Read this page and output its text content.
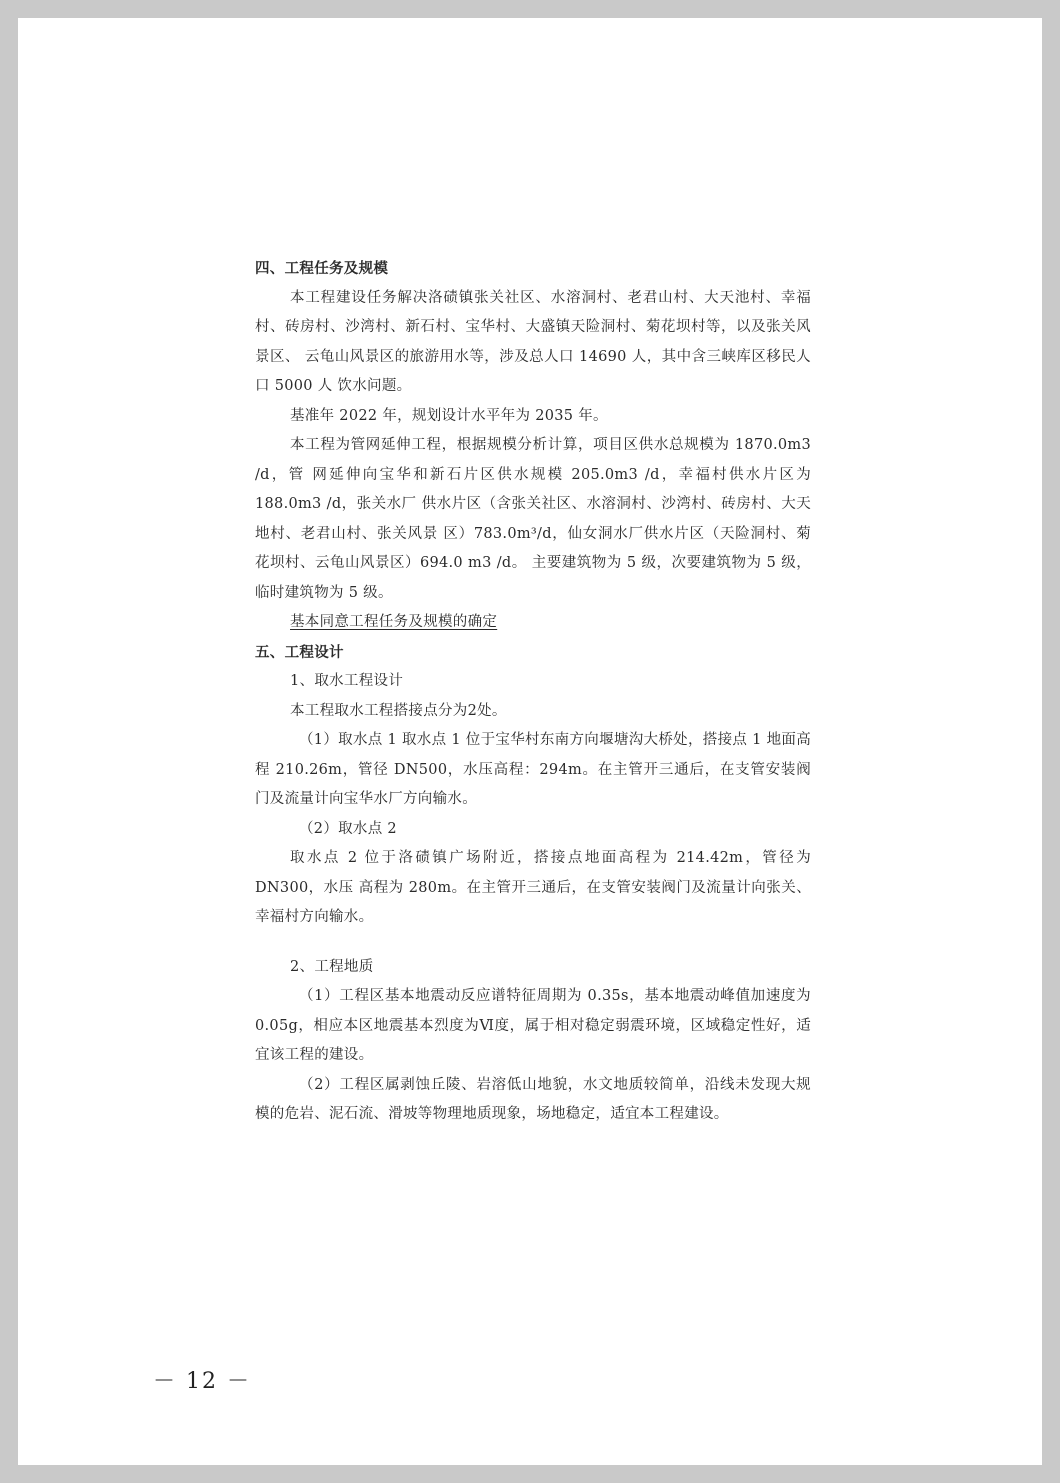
四、工程任务及规模

本工程建设任务解决洛碛镇张关社区、水溶洞村、老君山村、大天池村、幸福村、砖房村、沙湾村、新石村、宝华村、大盛镇天险洞村、菊花坝村等，以及张关风景区、 云龟山风景区的旅游用水等，涉及总人口 14690 人，其中含三峡库区移民人口 5000 人 饮水问题。

基准年 2022 年，规划设计水平年为 2035 年。

本工程为管网延伸工程，根据规模分析计算，项目区供水总规模为 1870.0m3 /d，管 网延伸向宝华和新石片区供水规模 205.0m3 /d，幸福村供水片区为 188.0m3 /d，张关水厂 供水片区（含张关社区、水溶洞村、沙湾村、砖房村、大天地村、老君山村、张关风景 区）783.0m³/d，仙女洞水厂供水片区（天险洞村、菊花坝村、云龟山风景区）694.0 m3 /d。 主要建筑物为 5 级，次要建筑物为 5 级，临时建筑物为 5 级。

基本同意工程任务及规模的确定

五、工程设计

1、取水工程设计

本工程取水工程搭接点分为2处。

（1）取水点 1 取水点 1 位于宝华村东南方向堰塘沟大桥处，搭接点 1 地面高程 210.26m，管径 DN500，水压高程：294m。在主管开三通后，在支管安装阀门及流量计向宝华水厂方向输水。

（2）取水点 2

取水点 2 位于洛碛镇广场附近，搭接点地面高程为 214.42m，管径为 DN300，水压 高程为 280m。在主管开三通后，在支管安装阀门及流量计向张关、幸福村方向输水。

2、工程地质

（1）工程区基本地震动反应谱特征周期为 0.35s，基本地震动峰值加速度为 0.05g，相应本区地震基本烈度为Ⅵ度，属于相对稳定弱震环境，区域稳定性好，适宜该工程的建设。

（2）工程区属剥蚀丘陵、岩溶低山地貌，水文地质较简单，沿线未发现大规模的危岩、泥石流、滑坡等物理地质现象，场地稳定，适宜本工程建设。

－ 12 －
